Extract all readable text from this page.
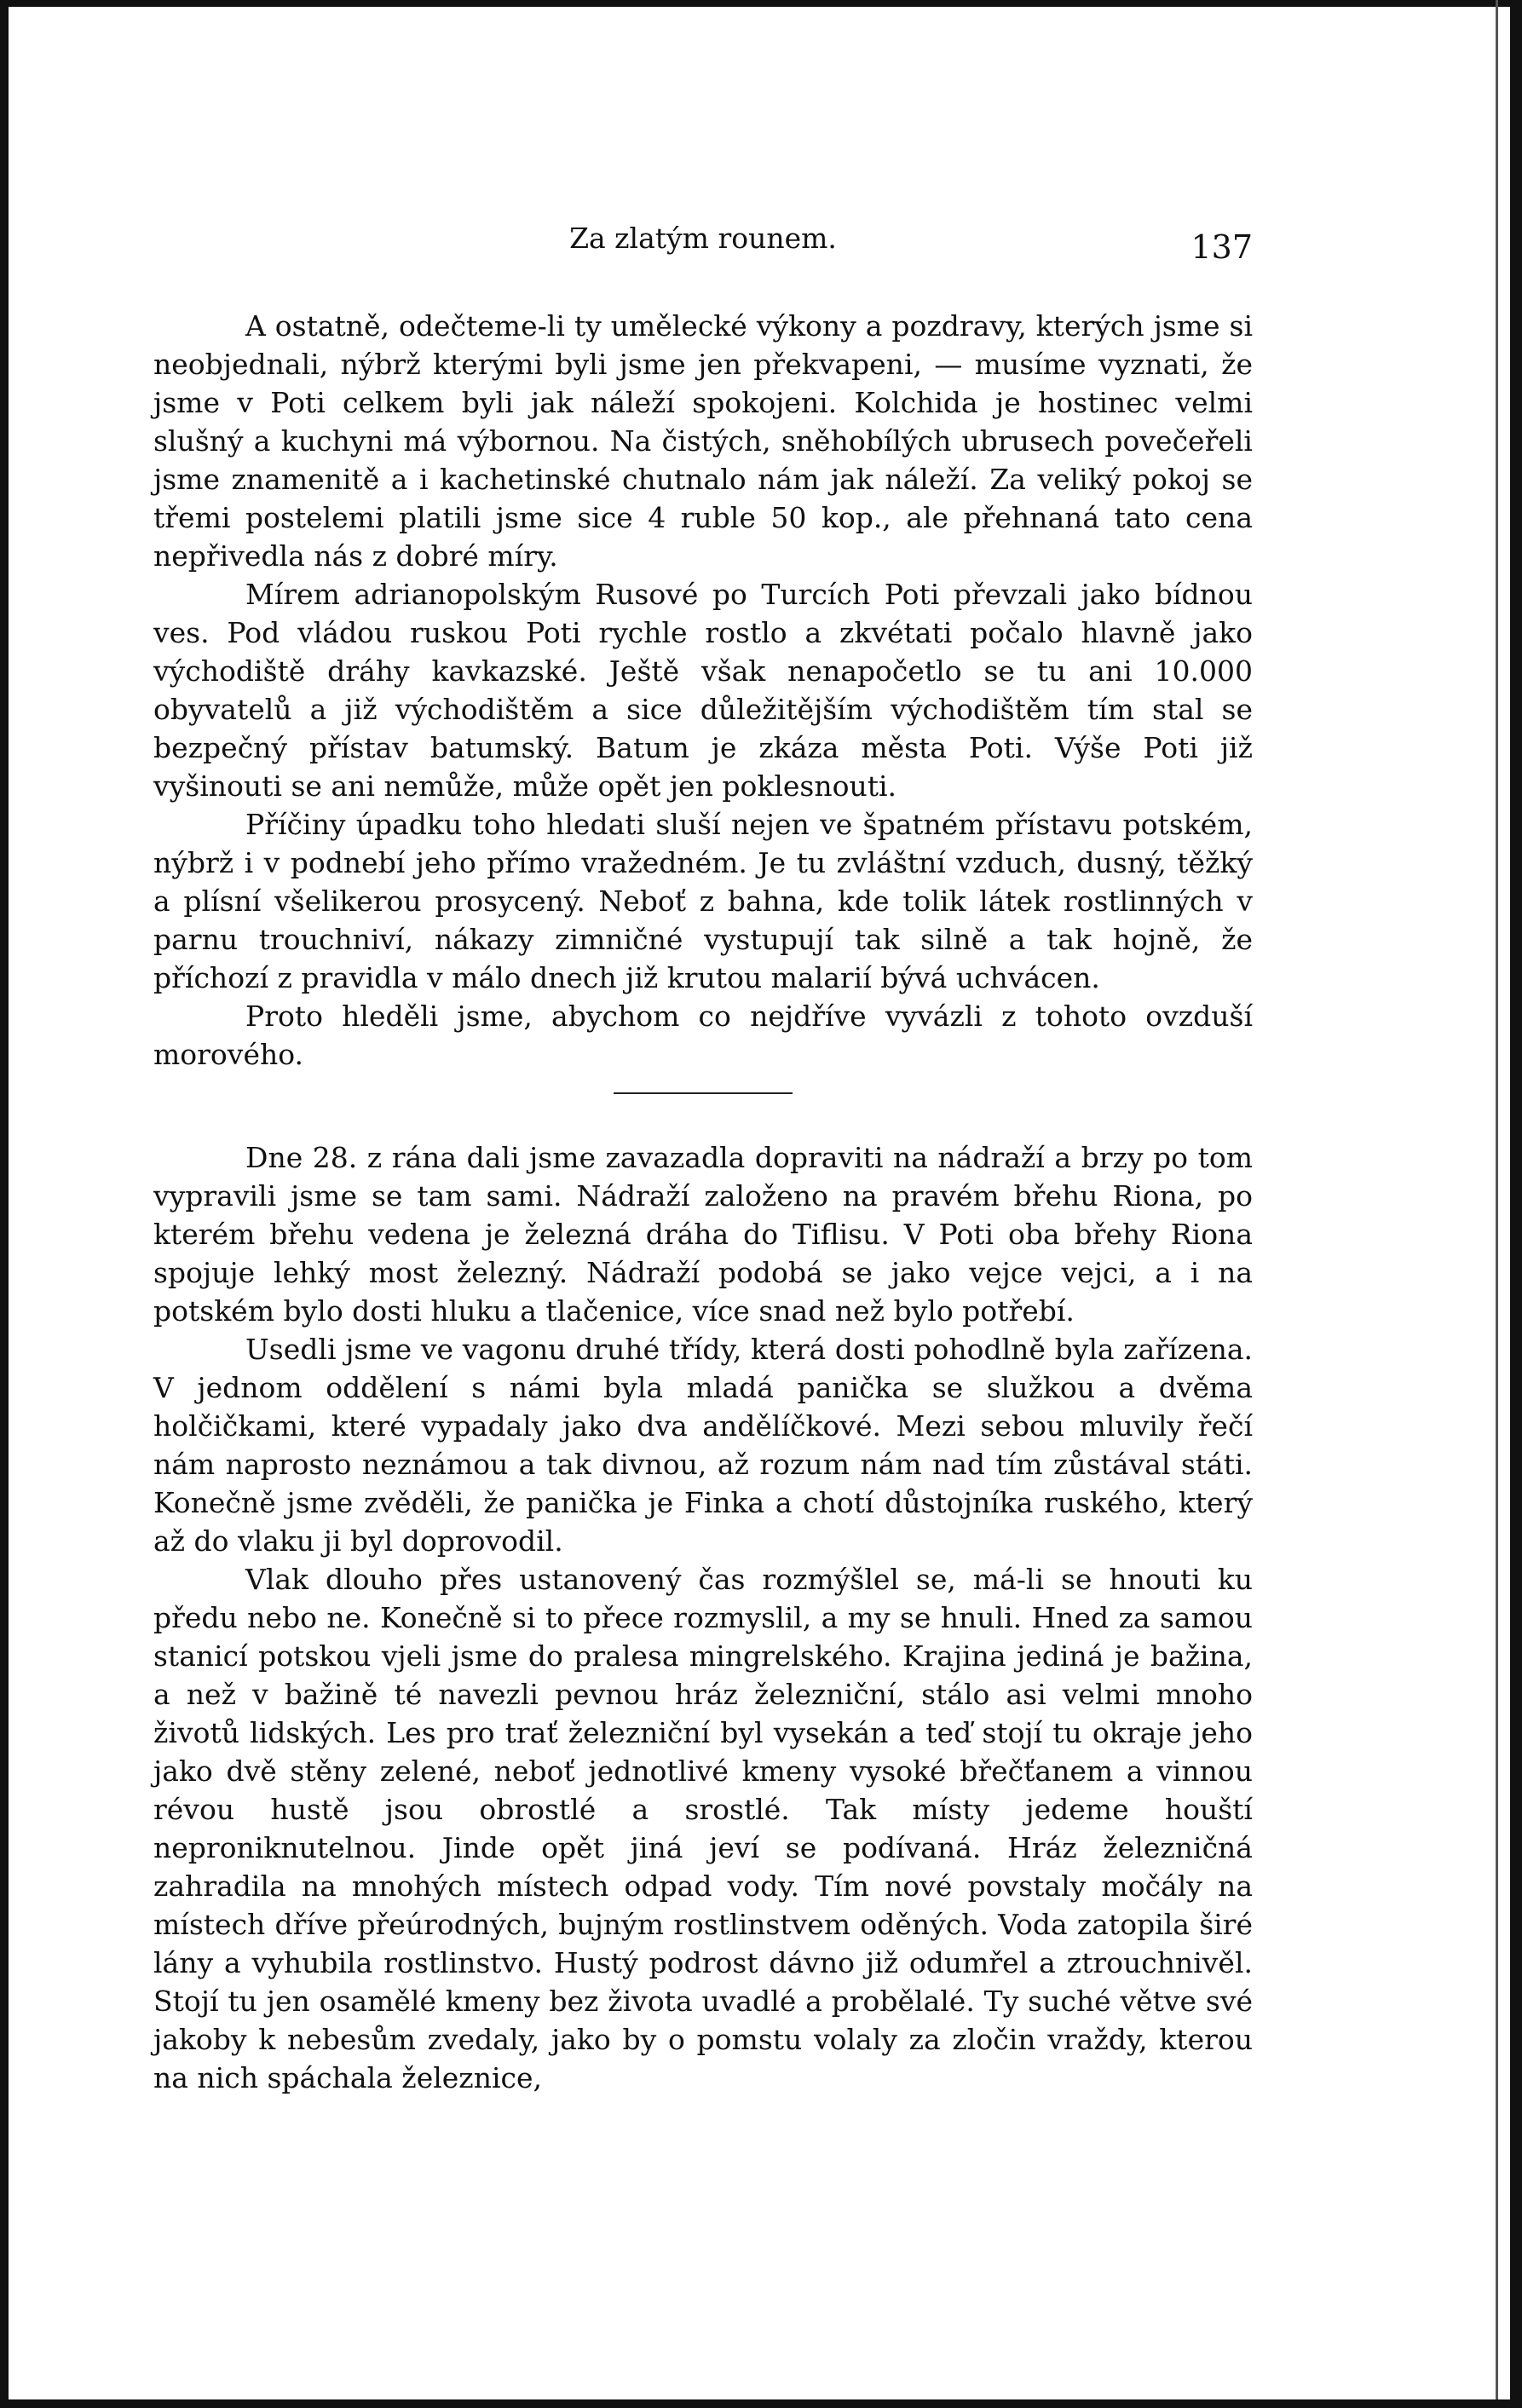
Za zlatým rounem.	137

A ostatně, odečteme-li ty umělecké výkony a pozdravy, kterých jsme si neobjednali, nýbrž kterými byli jsme jen překvapeni, — musíme vyznati, že jsme v Poti celkem byli jak náleží spokojeni. Kolchida je hostinec velmi slušný a kuchyni má výbornou. Na čistých, sněhobílých ubrusech povečeřeli jsme znamenitě a i kachetinské chutnalo nám jak náleží. Za veliký pokoj se třemi postelemi platili jsme sice 4 ruble 50 kop., ale přehnaná tato cena nepřivedla nás z dobré míry.

Mírem adrianopolským Rusové po Turcích Poti převzali jako bídnou ves. Pod vládou ruskou Poti rychle rostlo a zkvétati počalo hlavně jako východiště dráhy kavkazské. Ještě však nenapočetlo se tu ani 10.000 obyvatelů a již východištěm a sice důležitějším východištěm tím stal se bezpečný přístav batumský. Batum je zkáza města Poti. Výše Poti již vyšinouti se ani nemůže, může opět jen poklesnouti.

Příčiny úpadku toho hledati sluší nejen ve špatném přístavu potském, nýbrž i v podnebí jeho přímo vražedném. Je tu zvláštní vzduch, dusný, těžký a plísní všelikerou prosycený. Neboť z bahna, kde tolik látek rostlinných v parnu trouchniví, nákazy zimničné vystupují tak silně a tak hojně, že příchozí z pravidla v málo dnech již krutou malarií bývá uchvácen.

Proto hleděli jsme, abychom co nejdříve vyvázli z tohoto ovzduší morového.

Dne 28. z rána dali jsme zavazadla dopraviti na nádraží a brzy po tom vypravili jsme se tam sami. Nádraží založeno na pravém břehu Riona, po kterém břehu vedena je železná dráha do Tiflisu. V Poti oba břehy Riona spojuje lehký most železný. Nádraží podobá se jako vejce vejci, a i na potském bylo dosti hluku a tlačenice, více snad než bylo potřebí.

Usedli jsme ve vagonu druhé třídy, která dosti pohodlně byla zařízena. V jednom oddělení s námi byla mladá panička se služkou a dvěma holčičkami, které vypadaly jako dva andělíčkové. Mezi sebou mluvily řečí nám naprosto neznámou a tak divnou, až rozum nám nad tím zůstával státi. Konečně jsme zvěděli, že panička je Finka a chotí důstojníka ruského, který až do vlaku ji byl doprovodil.

Vlak dlouho přes ustanovený čas rozmýšlel se, má-li se hnouti ku předu nebo ne. Konečně si to přece rozmyslil, a my se hnuli. Hned za samou stanicí potskou vjeli jsme do pralesa mingrelského. Krajina jediná je bažina, a než v bažině té navezli pevnou hráz železniční, stálo asi velmi mnoho životů lidských. Les pro trať železniční byl vysekán a teď stojí tu okraje jeho jako dvě stěny zelené, neboť jednotlivé kmeny vysoké břečťanem a vinnou révou hustě jsou obrostlé a srostlé. Tak místy jedeme houští neproniknutelnou. Jinde opět jiná jeví se podívaná. Hráz železničná zahradila na mnohých místech odpad vody. Tím nové povstaly močály na místech dříve přeúrodných, bujným rostlinstvem oděných. Voda zatopila širé lány a vyhubila rostlinstvo. Hustý podrost dávno již odumřel a ztrouchnivěl. Stojí tu jen osamělé kmeny bez života uvadlé a probělalé. Ty suché větve své jakoby k nebesům zvedaly, jako by o pomstu volaly za zločin vraždy, kterou na nich spáchala železnice,
